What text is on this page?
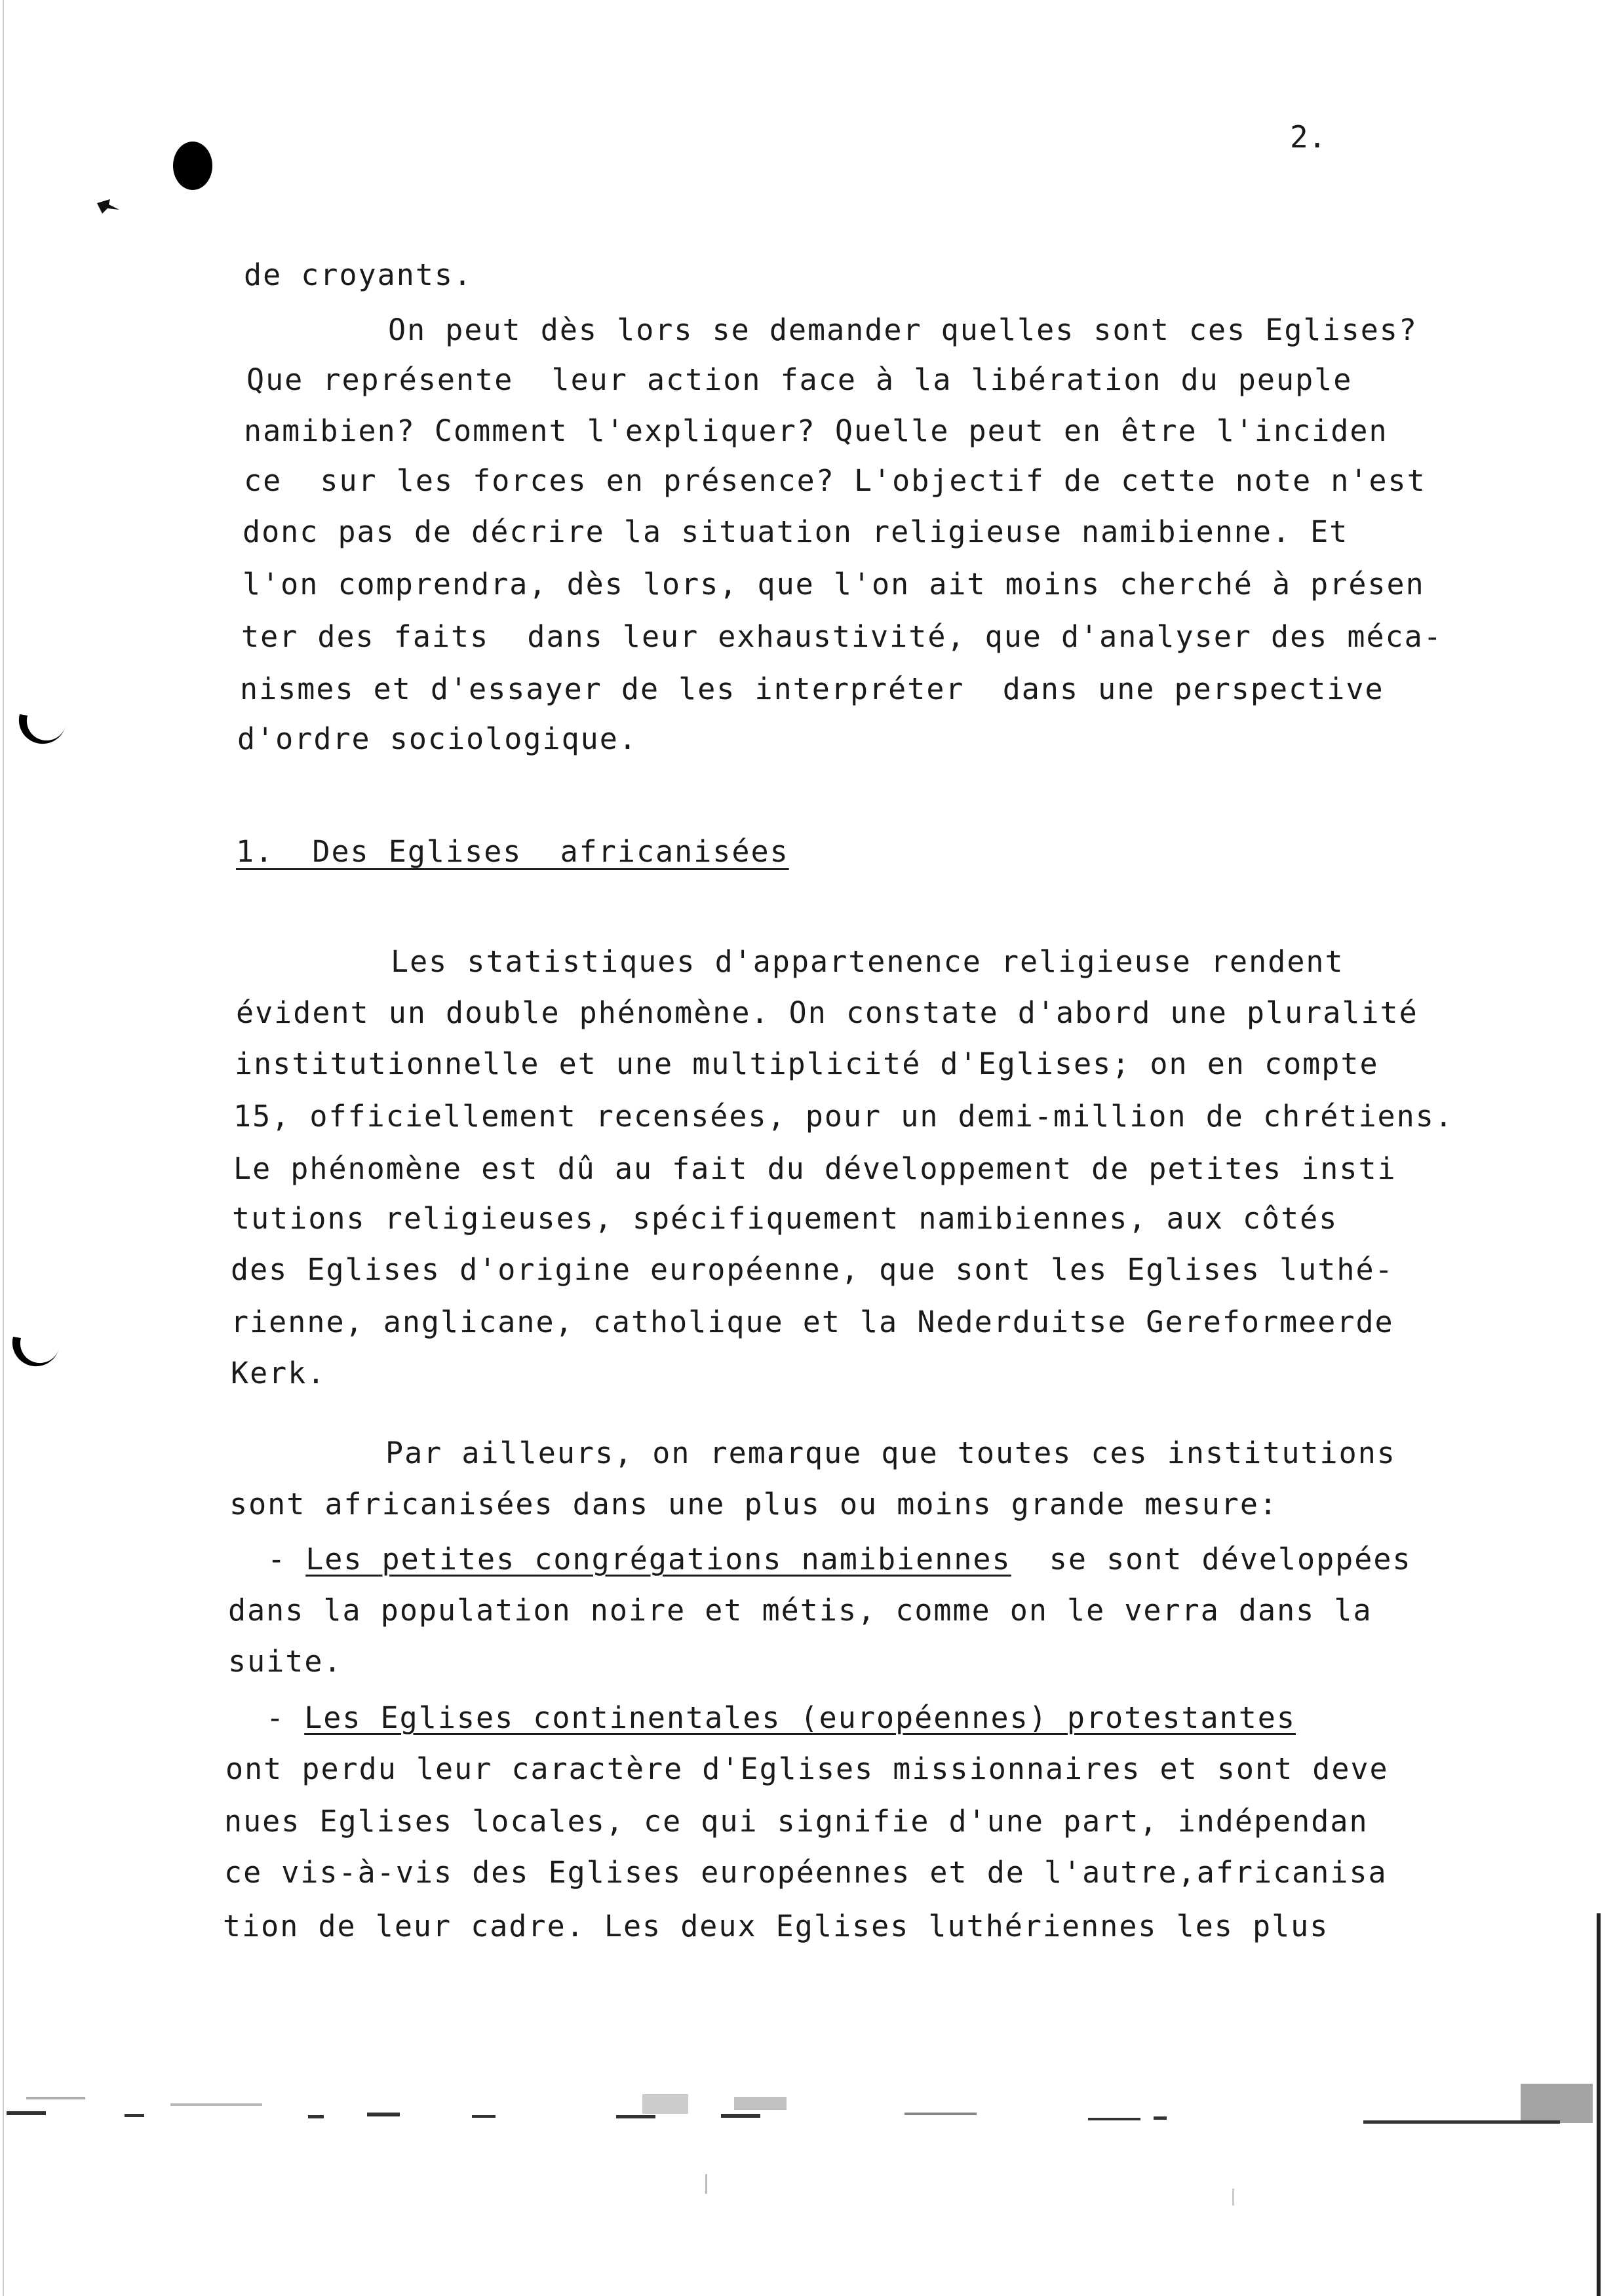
2.
de croyants.
On peut dès lors se demander quelles sont ces Eglises?
Que représente  leur action face à la libération du peuple
namibien? Comment l'expliquer? Quelle peut en être l'inciden
ce  sur les forces en présence? L'objectif de cette note n'est
donc pas de décrire la situation religieuse namibienne. Et
l'on comprendra, dès lors, que l'on ait moins cherché à présen
ter des faits  dans leur exhaustivité, que d'analyser des méca-
nismes et d'essayer de les interpréter  dans une perspective
d'ordre sociologique.
1.  Des Eglises  africanisées
Les statistiques d'appartenence religieuse rendent
évident un double phénomène. On constate d'abord une pluralité
institutionnelle et une multiplicité d'Eglises; on en compte
15, officiellement recensées, pour un demi-million de chrétiens.
Le phénomène est dû au fait du développement de petites insti
tutions religieuses, spécifiquement namibiennes, aux côtés
des Eglises d'origine européenne, que sont les Eglises luthé-
rienne, anglicane, catholique et la Nederduitse Gereformeerde
Kerk.
Par ailleurs, on remarque que toutes ces institutions
sont africanisées dans une plus ou moins grande mesure:
- Les petites congrégations namibiennes  se sont développées
dans la population noire et métis, comme on le verra dans la
suite.
- Les Eglises continentales (européennes) protestantes
ont perdu leur caractère d'Eglises missionnaires et sont deve
nues Eglises locales, ce qui signifie d'une part, indépendan
ce vis-à-vis des Eglises européennes et de l'autre,africanisa
tion de leur cadre. Les deux Eglises luthériennes les plus
